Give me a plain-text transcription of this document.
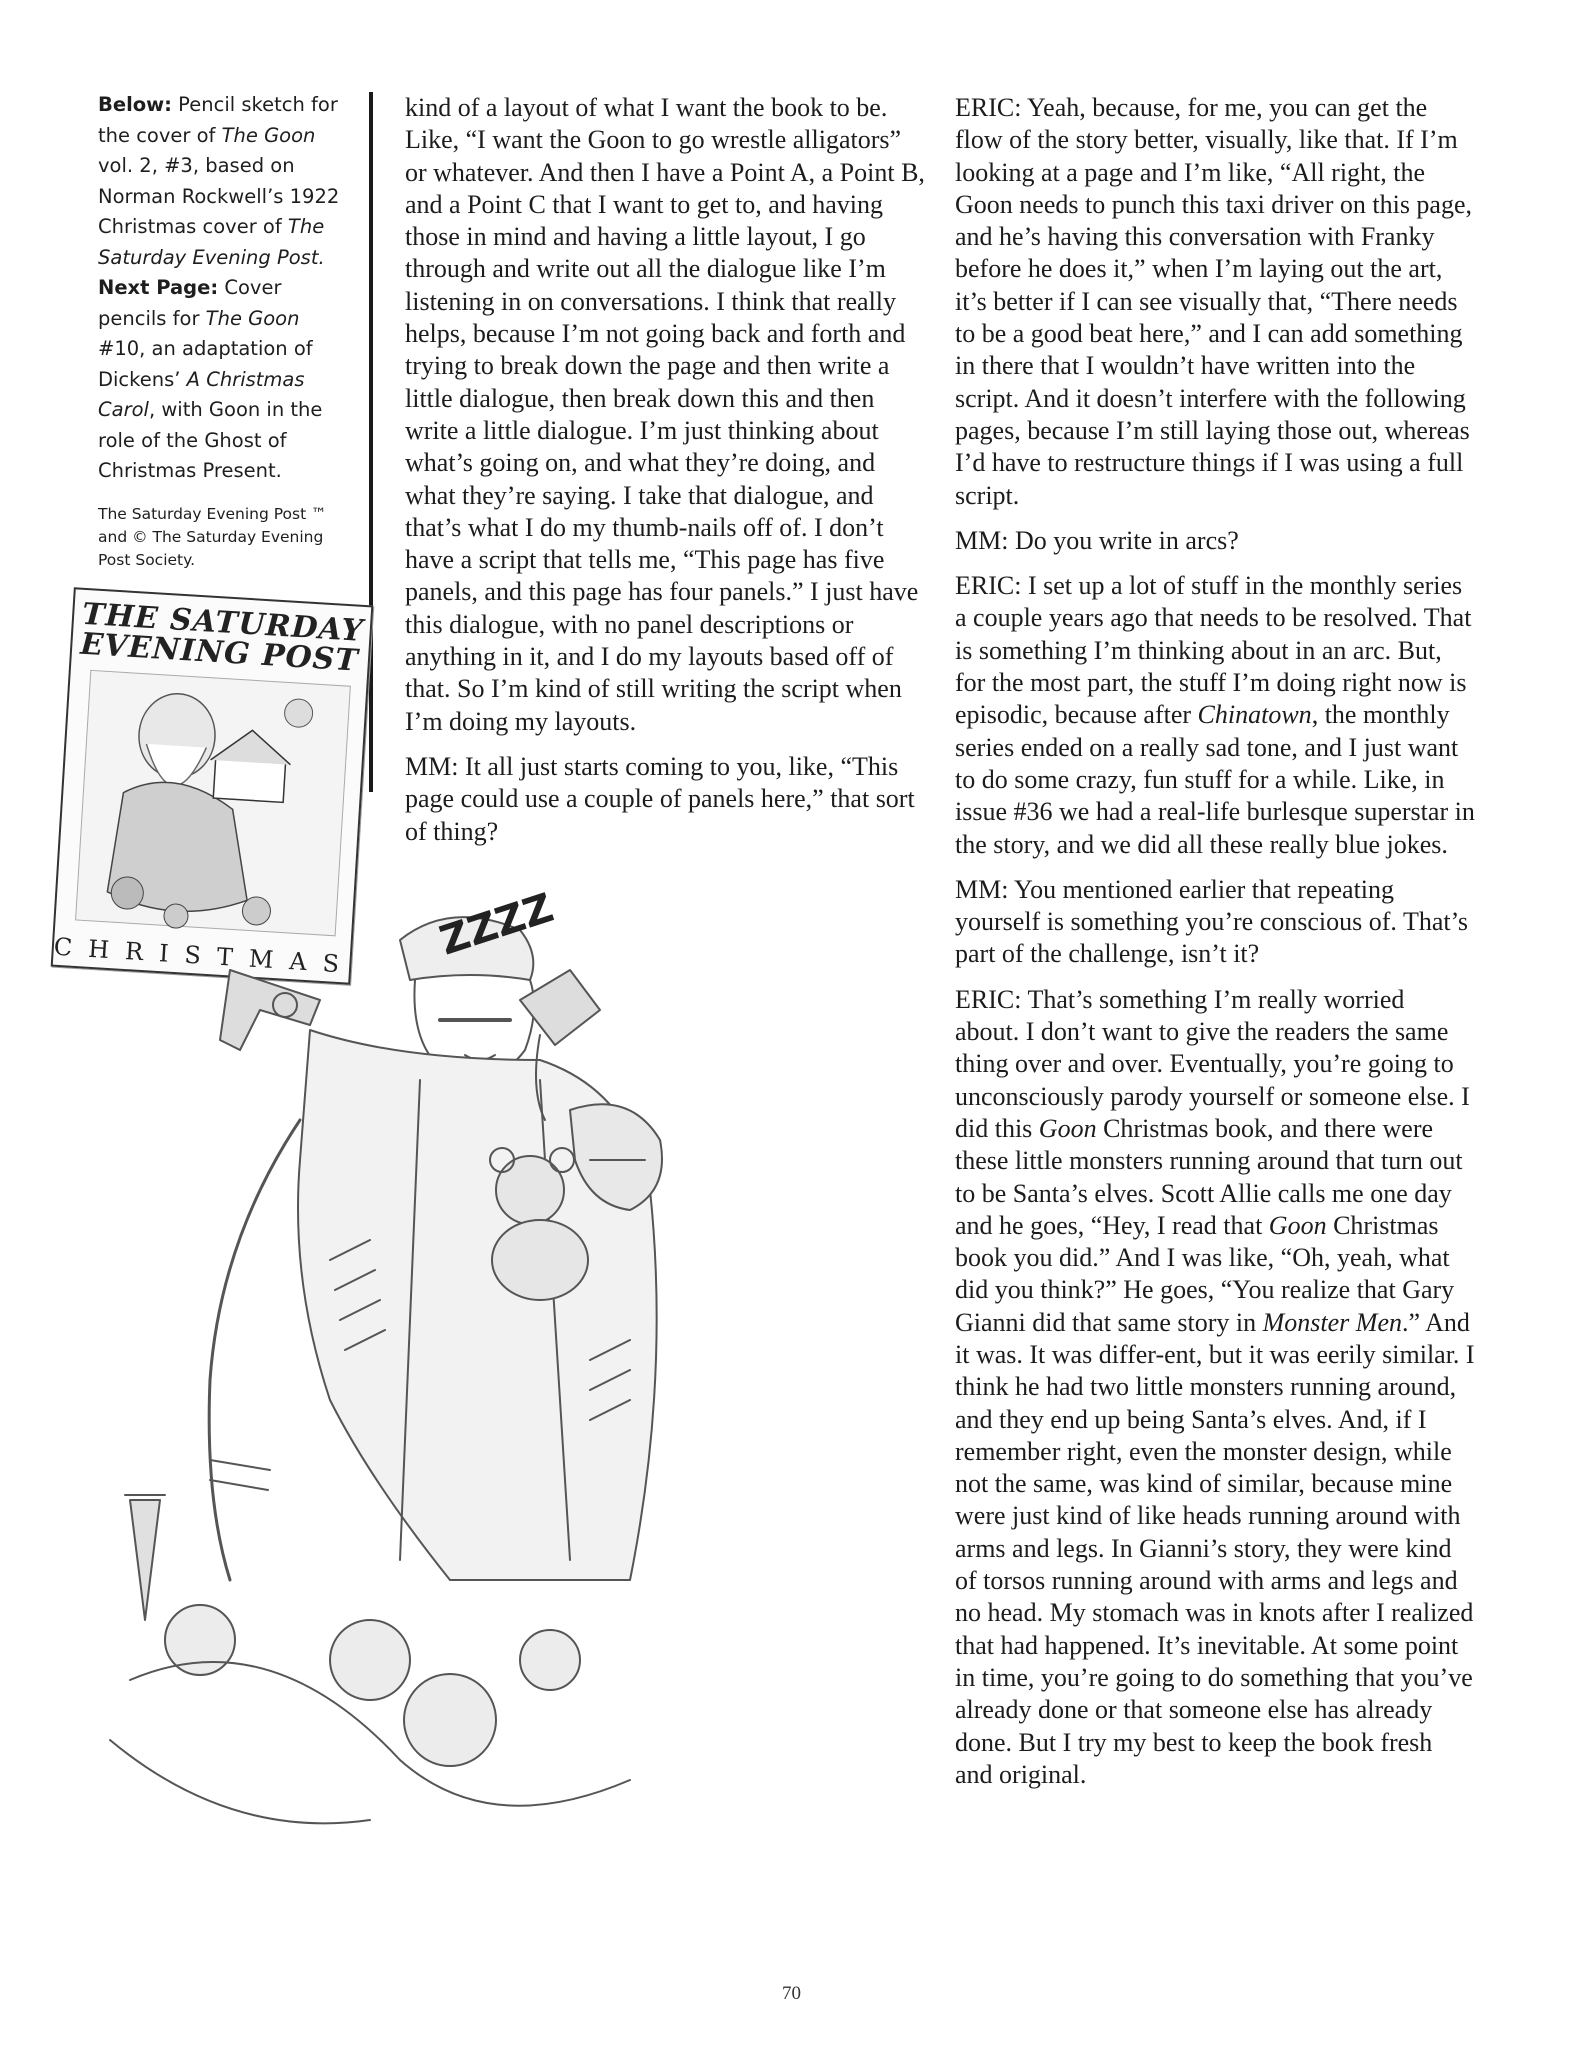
Below: Pencil sketch for the cover of The Goon vol. 2, #3, based on Norman Rockwell’s 1922 Christmas cover of The Saturday Evening Post. Next Page: Cover pencils for The Goon #10, an adaptation of Dickens’ A Christmas Carol, with Goon in the role of the Ghost of Christmas Present.
The Saturday Evening Post ™ and © The Saturday Evening Post Society.
THE SATURDAY EVENING POST
CHRISTMAS ZZZZ

kind of a layout of what I want the book to be. Like, “I want the Goon to go wrestle alligators” or whatever. And then I have a Point A, a Point B, and a Point C that I want to get to, and having those in mind and having a little layout, I go through and write out all the dialogue like I’m listening in on conversations. I think that really helps, because I’m not going back and forth and trying to break down the page and then write a little dialogue, then break down this and then write a little dialogue. I’m just thinking about what’s going on, and what they’re doing, and what they’re saying. I take that dialogue, and that’s what I do my thumb-nails off of. I don’t have a script that tells me, “This page has five panels, and this page has four panels.” I just have this dialogue, with no panel descriptions or anything in it, and I do my layouts based off of that. So I’m kind of still writing the script when I’m doing my layouts.

MM: It all just starts coming to you, like, “This page could use a couple of panels here,” that sort of thing?

ERIC: Yeah, because, for me, you can get the flow of the story better, visually, like that. If I’m looking at a page and I’m like, “All right, the Goon needs to punch this taxi driver on this page, and he’s having this conversation with Franky before he does it,” when I’m laying out the art, it’s better if I can see visually that, “There needs to be a good beat here,” and I can add something in there that I wouldn’t have written into the script. And it doesn’t interfere with the following pages, because I’m still laying those out, whereas I’d have to restructure things if I was using a full script.

MM: Do you write in arcs?

ERIC: I set up a lot of stuff in the monthly series a couple years ago that needs to be resolved. That is something I’m thinking about in an arc. But, for the most part, the stuff I’m doing right now is episodic, because after Chinatown, the monthly series ended on a really sad tone, and I just want to do some crazy, fun stuff for a while. Like, in issue #36 we had a real-life burlesque superstar in the story, and we did all these really blue jokes.

MM: You mentioned earlier that repeating yourself is something you’re conscious of. That’s part of the challenge, isn’t it?

ERIC: That’s something I’m really worried about. I don’t want to give the readers the same thing over and over. Eventually, you’re going to unconsciously parody yourself or someone else. I did this Goon Christmas book, and there were these little monsters running around that turn out to be Santa’s elves. Scott Allie calls me one day and he goes, “Hey, I read that Goon Christmas book you did.” And I was like, “Oh, yeah, what did you think?” He goes, “You realize that Gary Gianni did that same story in Monster Men.” And it was. It was differ-ent, but it was eerily similar. I think he had two little monsters running around, and they end up being Santa’s elves. And, if I remember right, even the monster design, while not the same, was kind of similar, because mine were just kind of like heads running around with arms and legs. In Gianni’s story, they were kind of torsos running around with arms and legs and no head. My stomach was in knots after I realized that had happened. It’s inevitable. At some point in time, you’re going to do something that you’ve already done or that someone else has already done. But I try my best to keep the book fresh and original.

70
